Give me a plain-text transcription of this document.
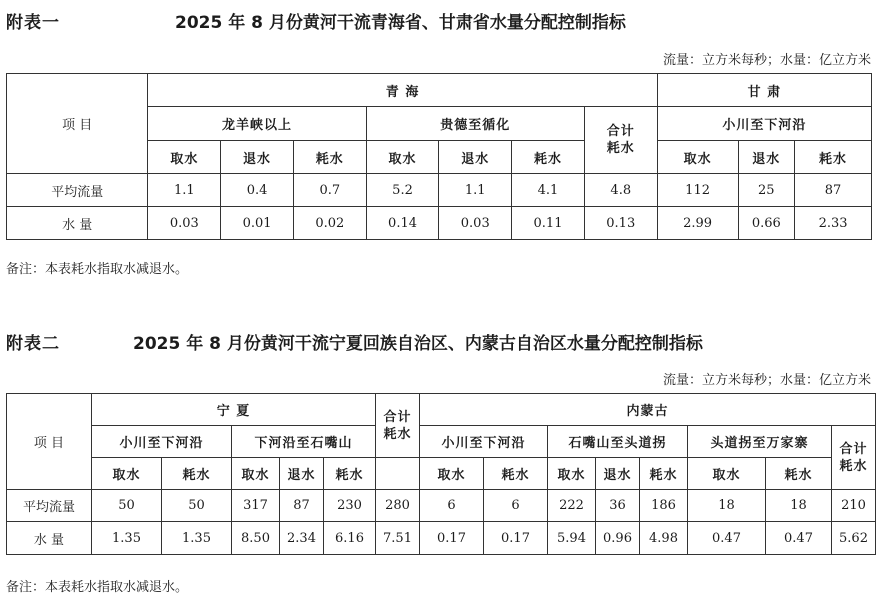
附表一	2025 年 8 月份黄河干流青海省、甘肃省水量分配控制指标
流量：立方米每秒；水量：亿立方米
项 目	青 海							甘 肃		
	龙羊峡以上			贵德至循化			合计耗水	小川至下河沿		
	取水	退水	耗水	取水	退水	耗水		取水	退水	耗水
平均流量	1.1	0.4	0.7	5.2	1.1	4.1	4.8	112	25	87
水 量	0.03	0.01	0.02	0.14	0.03	0.11	0.13	2.99	0.66	2.33
备注：本表耗水指取水减退水。
附表二	2025 年 8 月份黄河干流宁夏回族自治区、内蒙古自治区水量分配控制指标
流量：立方米每秒；水量：亿立方米
项 目	宁 夏					合计耗水	内蒙古							
	小川至下河沿		下河沿至石嘴山				小川至下河沿		石嘴山至头道拐			头道拐至万家寨		合计耗水
	取水	耗水	取水	退水	耗水		取水	耗水	取水	退水	耗水	取水	耗水	
平均流量	50	50	317	87	230	280	6	6	222	36	186	18	18	210
水 量	1.35	1.35	8.50	2.34	6.16	7.51	0.17	0.17	5.94	0.96	4.98	0.47	0.47	5.62
备注：本表耗水指取水减退水。
